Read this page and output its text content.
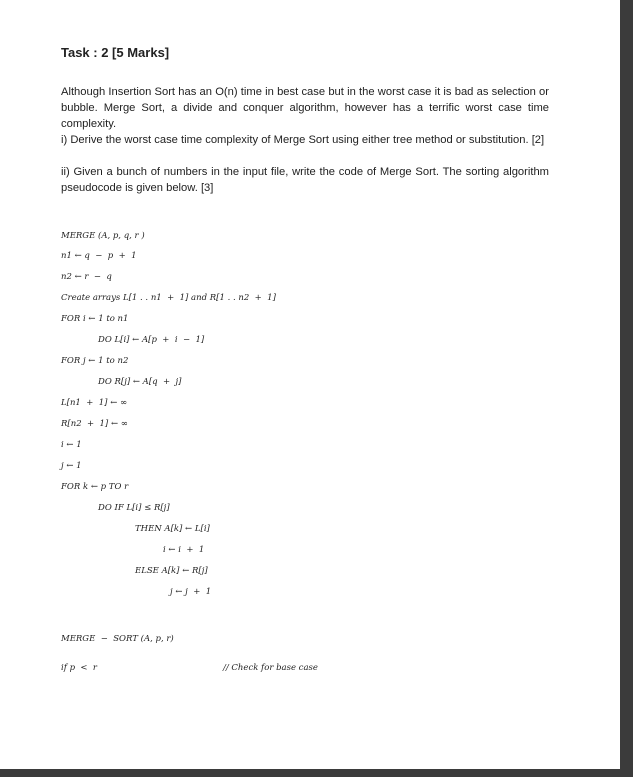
Task : 2 [5 Marks]
Although Insertion Sort has an O(n) time in best case but in the worst case it is bad as selection or bubble. Merge Sort, a divide and conquer algorithm, however has a terrific worst case time complexity.
i) Derive the worst case time complexity of Merge Sort using either tree method or substitution. [2]
ii) Given a bunch of numbers in the input file, write the code of Merge Sort. The sorting algorithm pseudocode is given below. [3]
MERGE (A, p, q, r )
n1 ← q  −  p  +  1
n2 ← r  −  q
Create arrays L[1 . . n1  +  1] and R[1 . . n2  +  1]
FOR i ← 1 to n1
DO L[i] ← A[p  +  i  −  1]
FOR j ← 1 to n2
DO R[j] ← A[q  +  j]
L[n1  +  1] ← ∞
R[n2  +  1] ← ∞
i ← 1
j ← 1
FOR k ← p TO r
DO IF L[i] ≤ R[j]
THEN A[k] ← L[i]
i ← i  +  1
ELSE A[k] ← R[j]
j ← j  +  1
MERGE  −  SORT (A, p, r)
if p  <  r	// Check for base case
